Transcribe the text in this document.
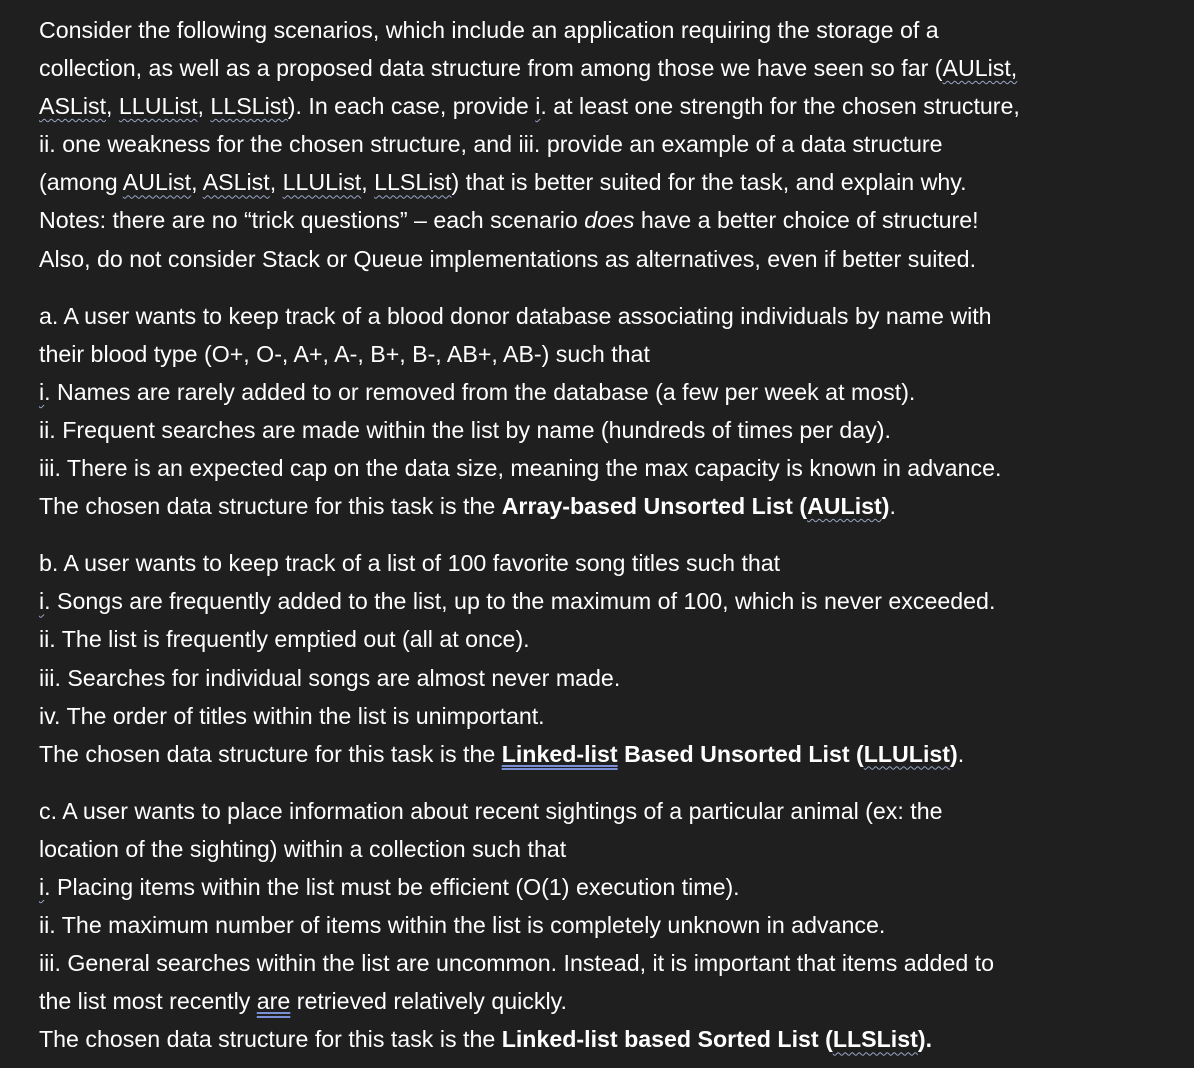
Consider the following scenarios, which include an application requiring the storage of a

collection, as well as a proposed data structure from among those we have seen so far (AUList,

ASList, LLUList, LLSList). In each case, provide i. at least one strength for the chosen structure,

ii. one weakness for the chosen structure, and iii. provide an example of a data structure

(among AUList, ASList, LLUList, LLSList) that is better suited for the task, and explain why.

Notes: there are no “trick questions” – each scenario does have a better choice of structure!

Also, do not consider Stack or Queue implementations as alternatives, even if better suited.

a. A user wants to keep track of a blood donor database associating individuals by name with

their blood type (O+, O-, A+, A-, B+, B-, AB+, AB-) such that

i. Names are rarely added to or removed from the database (a few per week at most).

ii. Frequent searches are made within the list by name (hundreds of times per day).

iii. There is an expected cap on the data size, meaning the max capacity is known in advance.

The chosen data structure for this task is the Array-based Unsorted List (AUList).

b. A user wants to keep track of a list of 100 favorite song titles such that

i. Songs are frequently added to the list, up to the maximum of 100, which is never exceeded.

ii. The list is frequently emptied out (all at once).

iii. Searches for individual songs are almost never made.

iv. The order of titles within the list is unimportant.

The chosen data structure for this task is the Linked-list Based Unsorted List (LLUList).

c. A user wants to place information about recent sightings of a particular animal (ex: the

location of the sighting) within a collection such that

i. Placing items within the list must be efficient (O(1) execution time).

ii. The maximum number of items within the list is completely unknown in advance.

iii. General searches within the list are uncommon. Instead, it is important that items added to

the list most recently are retrieved relatively quickly.

The chosen data structure for this task is the Linked-list based Sorted List (LLSList).
